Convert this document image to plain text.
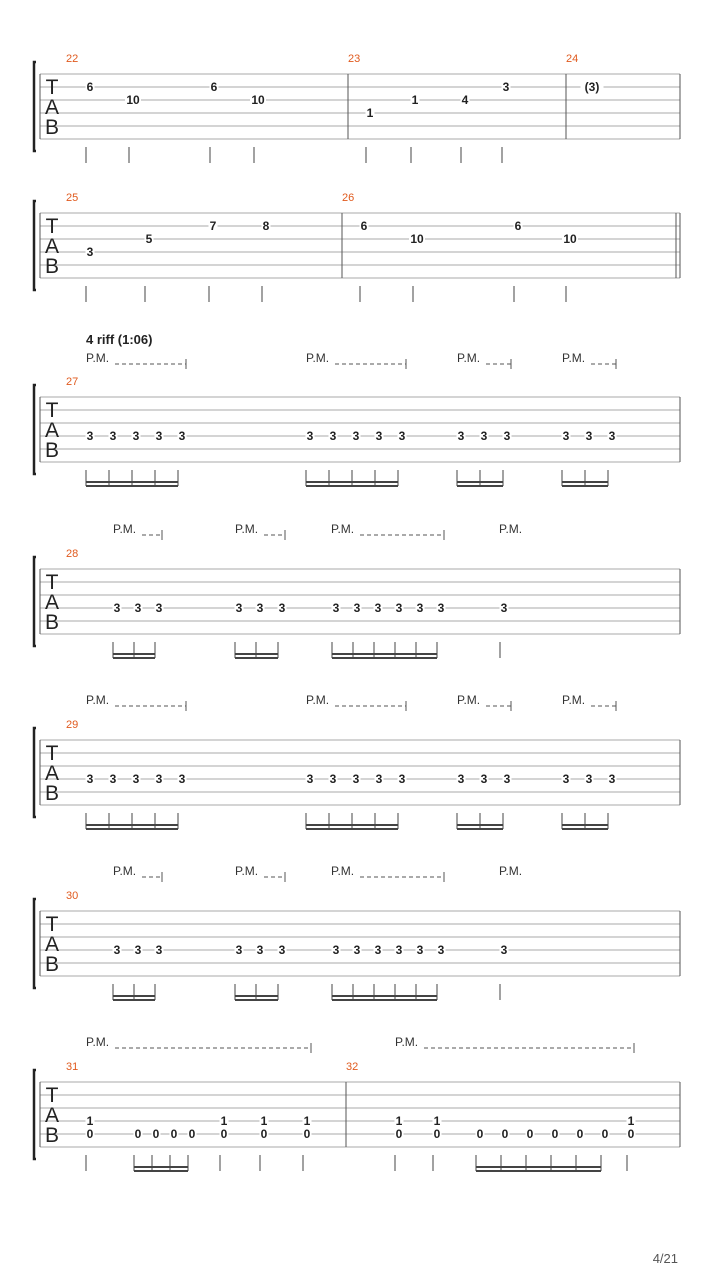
T
A
B
22	23	24
6
10
6
10
1
1	4
3	(3)
T
A
B
25	26
3
5
7	8	6
10
6
10
T
A
B
27
4 riff (1:06)
P.M.	P.M.	P.M.	P.M.
3 3 3 3 3	3 3 3 3 3	3 3 3	3 3 3
T
A
B
28
P.M.	P.M.	P.M.	P.M.
3 3 3	3 3 3	3 3 3 3 3 3	3
T
A
B
29
P.M.	P.M.	P.M.	P.M.
3 3 3 3 3	3 3 3 3 3	3 3 3	3 3 3
T
A
B
30
P.M.	P.M.	P.M.	P.M.
3 3 3	3 3 3	3 3 3 3 3 3	3
T
A
B
31	32
P.M.	P.M.
1
0	0 0 0 0
1
0
1
0
1
0
1
0
1
0	0 0 0 0 0 0
1
0
4/21
